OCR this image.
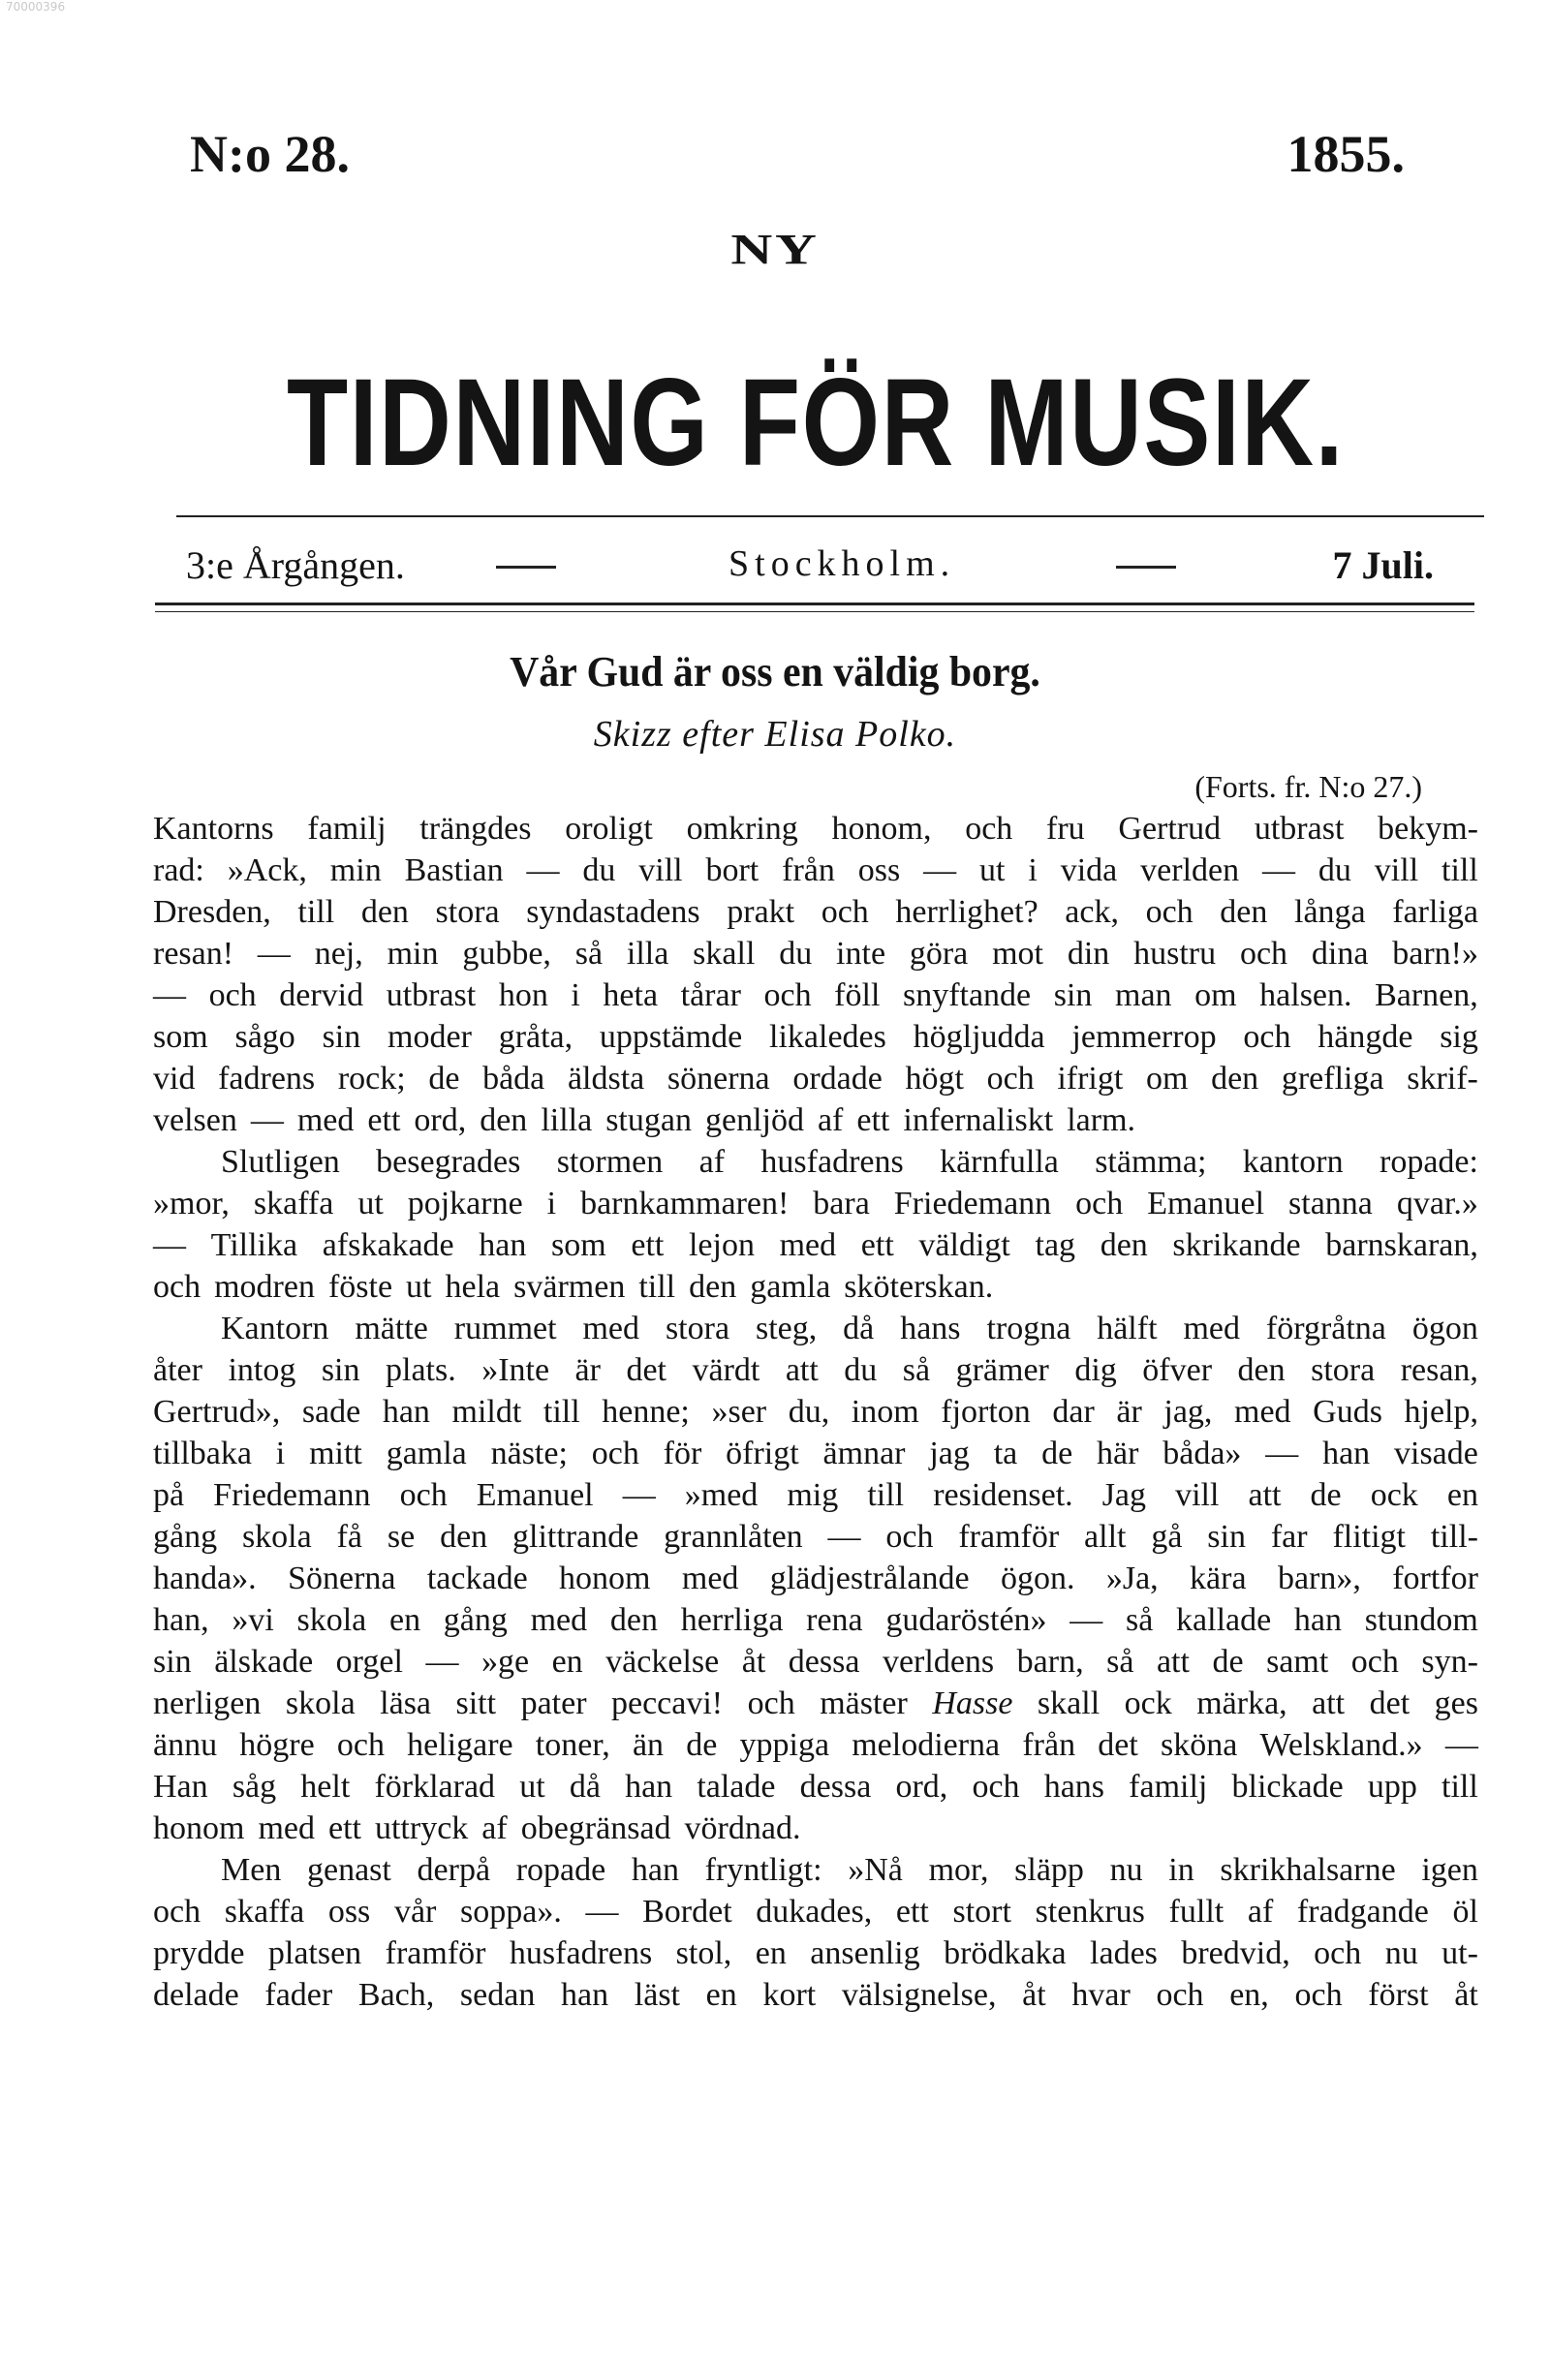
70000396
N:o 28.	1855.
NY
TIDNING FÖR MUSIK.
3:e Årgången.	Stockholm.	7 Juli.
Vår Gud är oss en väldig borg.
Skizz efter Elisa Polko.
(Forts. fr. N:o 27.)
Kantorns familj trängdes oroligt omkring honom, och fru Gertrud utbrast bekym-
rad: »Ack, min Bastian — du vill bort från oss — ut i vida verlden — du vill till
Dresden, till den stora syndastadens prakt och herrlighet? ack, och den långa farliga
resan! — nej, min gubbe, så illa skall du inte göra mot din hustru och dina barn!»
— och dervid utbrast hon i heta tårar och föll snyftande sin man om halsen. Barnen,
som sågo sin moder gråta, uppstämde likaledes högljudda jemmerrop och hängde sig
vid fadrens rock; de båda äldsta sönerna ordade högt och ifrigt om den grefliga skrif-
velsen — med ett ord, den lilla stugan genljöd af ett infernaliskt larm.
Slutligen besegrades stormen af husfadrens kärnfulla stämma; kantorn ropade:
»mor, skaffa ut pojkarne i barnkammaren! bara Friedemann och Emanuel stanna qvar.»
— Tillika afskakade han som ett lejon med ett väldigt tag den skrikande barnskaran,
och modren föste ut hela svärmen till den gamla sköterskan.
Kantorn mätte rummet med stora steg, då hans trogna hälft med förgråtna ögon
åter intog sin plats. »Inte är det värdt att du så grämer dig öfver den stora resan,
Gertrud», sade han mildt till henne; »ser du, inom fjorton dar är jag, med Guds hjelp,
tillbaka i mitt gamla näste; och för öfrigt ämnar jag ta de här båda» — han visade
på Friedemann och Emanuel — »med mig till residenset. Jag vill att de ock en
gång skola få se den glittrande grannlåten — och framför allt gå sin far flitigt till-
handa». Sönerna tackade honom med glädjestrålande ögon. »Ja, kära barn», fortfor
han, »vi skola en gång med den herrliga rena gudaröstén» — så kallade han stundom
sin älskade orgel — »ge en väckelse åt dessa verldens barn, så att de samt och syn-
nerligen skola läsa sitt pater peccavi! och mäster Hasse skall ock märka, att det ges
ännu högre och heligare toner, än de yppiga melodierna från det sköna Welskland.» —
Han såg helt förklarad ut då han talade dessa ord, och hans familj blickade upp till
honom med ett uttryck af obegränsad vördnad.
Men genast derpå ropade han fryntligt: »Nå mor, släpp nu in skrikhalsarne igen
och skaffa oss vår soppa». — Bordet dukades, ett stort stenkrus fullt af fradgande öl
prydde platsen framför husfadrens stol, en ansenlig brödkaka lades bredvid, och nu ut-
delade fader Bach, sedan han läst en kort välsignelse, åt hvar och en, och först åt
